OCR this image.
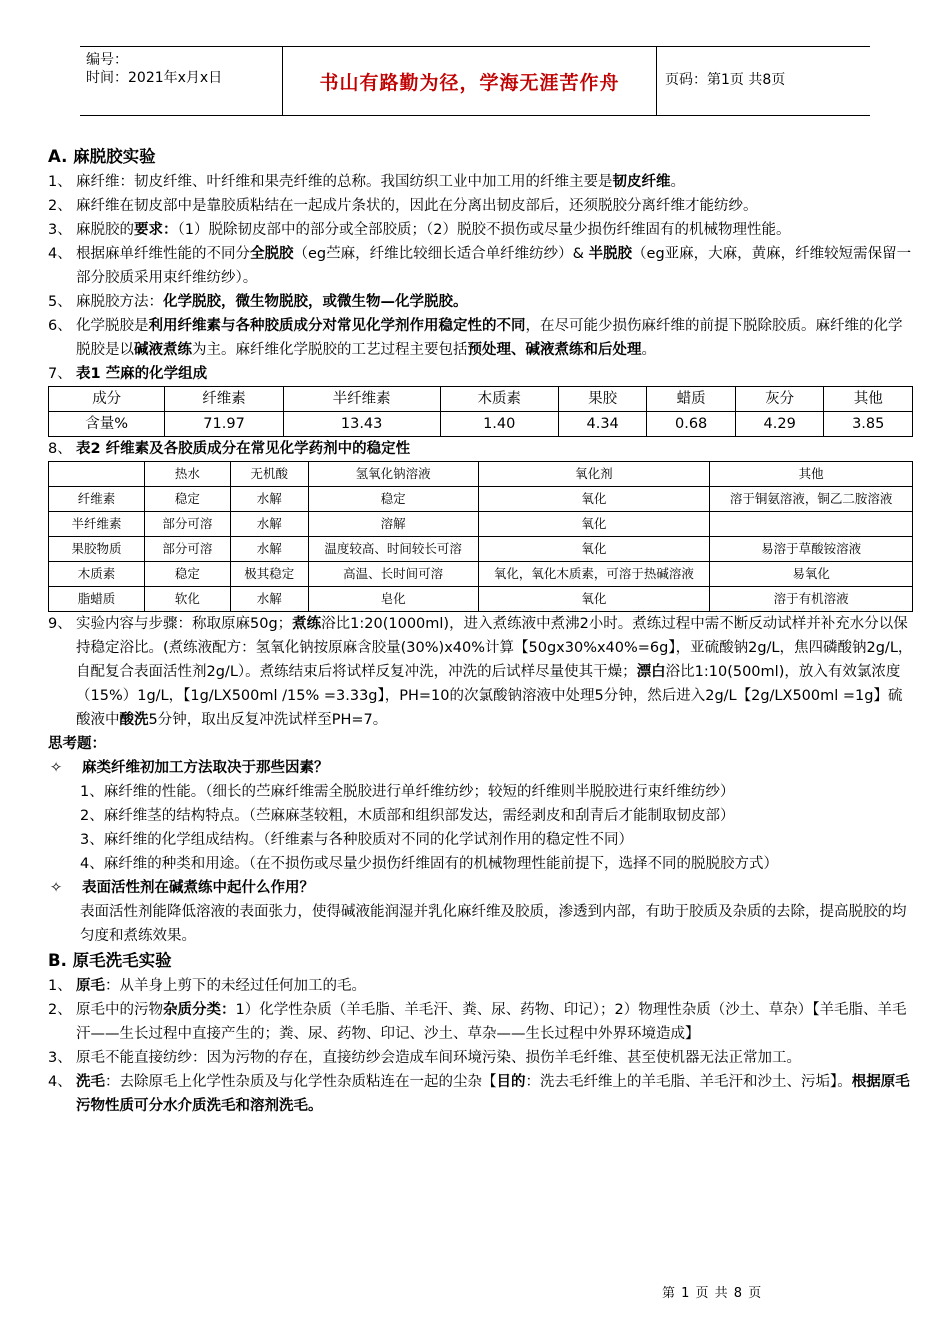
编号：
时间：2021年x月x日	书山有路勤为径，学海无涯苦作舟	页码：第1页 共8页

A. 麻脱胶实验

1、 麻纤维：韧皮纤维、叶纤维和果壳纤维的总称。我国纺织工业中加工用的纤维主要是韧皮纤维。
2、 麻纤维在韧皮部中是靠胶质粘结在一起成片条状的，因此在分离出韧皮部后，还须脱胶分离纤维才能纺纱。
3、 麻脱胶的要求：（1）脱除韧皮部中的部分或全部胶质；（2）脱胶不损伤或尽量少损伤纤维固有的机械物理性能。
4、 根据麻单纤维性能的不同分全脱胶（eg苎麻，纤维比较细长适合单纤维纺纱）& 半脱胶（eg亚麻，大麻，黄麻，纤维较短需保留一部分胶质采用束纤维纺纱）。
5、 麻脱胶方法：化学脱胶，微生物脱胶，或微生物—化学脱胶。
6、 化学脱胶是利用纤维素与各种胶质成分对常见化学剂作用稳定性的不同，在尽可能少损伤麻纤维的前提下脱除胶质。麻纤维的化学脱胶是以碱液煮练为主。麻纤维化学脱胶的工艺过程主要包括预处理、碱液煮练和后处理。
7、 表1 苎麻的化学组成
成分	纤维素	半纤维素	木质素	果胶	蜡质	灰分	其他
含量%	71.97	13.43	1.40	4.34	0.68	4.29	3.85
8、 表2 纤维素及各胶质成分在常见化学药剂中的稳定性
	热水	无机酸	氢氧化钠溶液	氧化剂	其他
纤维素	稳定	水解	稳定	氧化	溶于铜氨溶液，铜乙二胺溶液
半纤维素	部分可溶	水解	溶解	氧化	
果胶物质	部分可溶	水解	温度较高、时间较长可溶	氧化	易溶于草酸铵溶液
木质素	稳定	极其稳定	高温、长时间可溶	氧化，氧化木质素，可溶于热碱溶液	易氧化
脂蜡质	软化	水解	皂化	氧化	溶于有机溶液
9、 实验内容与步骤：称取原麻50g；煮练浴比1:20(1000ml)，进入煮练液中煮沸2小时。煮练过程中需不断反动试样并补充水分以保持稳定浴比。(煮练液配方：氢氧化钠按原麻含胶量(30%)x40%计算【50gx30%x40%=6g】，亚硫酸钠2g/L，焦四磷酸钠2g/L，自配复合表面活性剂2g/L）。煮练结束后将试样反复冲洗，冲洗的后试样尽量使其干燥；漂白浴比1:10(500ml)，放入有效氯浓度（15%）1g/L，【1g/LX500ml /15% =3.33g】，PH=10的次氯酸钠溶液中处理5分钟，然后进入2g/L【2g/LX500ml =1g】硫酸液中酸洗5分钟，取出反复冲洗试样至PH=7。

思考题：

✧	麻类纤维初加工方法取决于那些因素？

1、麻纤维的性能。（细长的苎麻纤维需全脱胶进行单纤维纺纱；较短的纤维则半脱胶进行束纤维纺纱）

2、麻纤维茎的结构特点。（苎麻麻茎较粗，木质部和组织部发达，需经剥皮和刮青后才能制取韧皮部）

3、麻纤维的化学组成结构。（纤维素与各种胶质对不同的化学试剂作用的稳定性不同）

4、麻纤维的种类和用途。（在不损伤或尽量少损伤纤维固有的机械物理性能前提下，选择不同的脱脱胶方式）

✧	表面活性剂在碱煮练中起什么作用？

表面活性剂能降低溶液的表面张力，使得碱液能润湿并乳化麻纤维及胶质，渗透到内部，有助于胶质及杂质的去除，提高脱胶的均匀度和煮练效果。

B. 原毛洗毛实验

1、 原毛：从羊身上剪下的未经过任何加工的毛。
2、 原毛中的污物杂质分类：1）化学性杂质（羊毛脂、羊毛汗、粪、尿、药物、印记）；2）物理性杂质（沙土、草杂）【羊毛脂、羊毛汗——生长过程中直接产生的；粪、尿、药物、印记、沙土、草杂——生长过程中外界环境造成】
3、 原毛不能直接纺纱：因为污物的存在，直接纺纱会造成车间环境污染、损伤羊毛纤维、甚至使机器无法正常加工。
4、 洗毛：去除原毛上化学性杂质及与化学性杂质粘连在一起的尘杂【目的：洗去毛纤维上的羊毛脂、羊毛汗和沙土、污垢】。根据原毛污物性质可分水介质洗毛和溶剂洗毛。
第 1 页 共 8 页
